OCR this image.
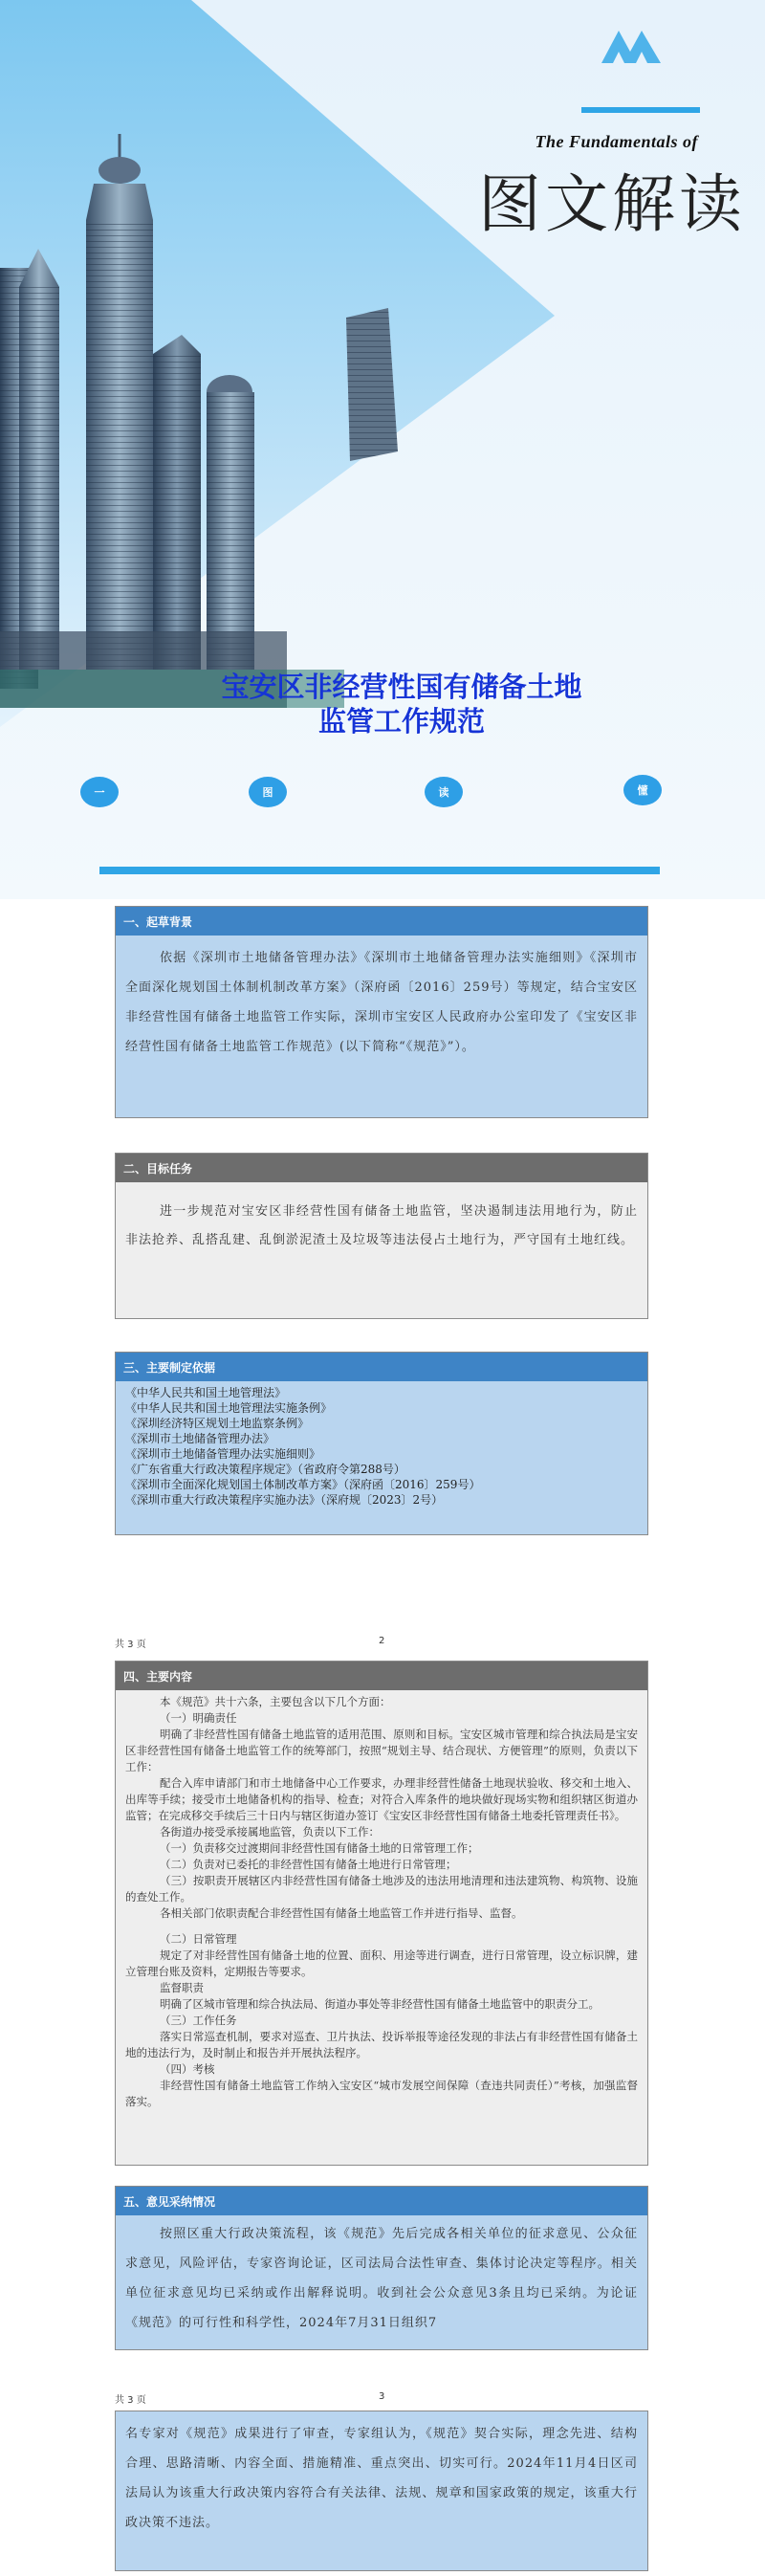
The Fundamentals of
图文解读
宝安区非经营性国有储备土地
监管工作规范
一	图	读	懂
一、起草背景
依据《深圳市土地储备管理办法》《深圳市土地储备管理办法实施细则》《深圳市全面深化规划国土体制机制改革方案》（深府函〔2016〕259号）等规定，结合宝安区非经营性国有储备土地监管工作实际，深圳市宝安区人民政府办公室印发了《宝安区非经营性国有储备土地监管工作规范》(以下简称“《规范》”）。
二、目标任务
进一步规范对宝安区非经营性国有储备土地监管，坚决遏制违法用地行为，防止非法抢养、乱搭乱建、乱倒淤泥渣土及垃圾等违法侵占土地行为，严守国有土地红线。
三、主要制定依据
《中华人民共和国土地管理法》
《中华人民共和国土地管理法实施条例》
《深圳经济特区规划土地监察条例》
《深圳市土地储备管理办法》
《深圳市土地储备管理办法实施细则》
《广东省重大行政决策程序规定》（省政府令第288号）
《深圳市全面深化规划国土体制改革方案》（深府函〔2016〕259号）
《深圳市重大行政决策程序实施办法》（深府规〔2023〕2号）
共 3 页	2
四、主要内容
本《规范》共十六条，主要包含以下几个方面：
（一）明确责任
明确了非经营性国有储备土地监管的适用范围、原则和目标。宝安区城市管理和综合执法局是宝安区非经营性国有储备土地监管工作的统筹部门，按照“规划主导、结合现状、方便管理”的原则，负责以下工作：
配合入库申请部门和市土地储备中心工作要求，办理非经营性储备土地现状验收、移交和土地入、出库等手续；接受市土地储备机构的指导、检查；对符合入库条件的地块做好现场实物和组织辖区街道办监管；在完成移交手续后三十日内与辖区街道办签订《宝安区非经营性国有储备土地委托管理责任书》。
各街道办接受承接属地监管，负责以下工作：
（一）负责移交过渡期间非经营性国有储备土地的日常管理工作；
（二）负责对已委托的非经营性国有储备土地进行日常管理；
（三）按职责开展辖区内非经营性国有储备土地涉及的违法用地清理和违法建筑物、构筑物、设施的查处工作。
各相关部门依职责配合非经营性国有储备土地监管工作并进行指导、监督。
（二）日常管理
规定了对非经营性国有储备土地的位置、面积、用途等进行调查，进行日常管理，设立标识牌，建立管理台账及资料，定期报告等要求。
监督职责
明确了区城市管理和综合执法局、街道办事处等非经营性国有储备土地监管中的职责分工。
（三）工作任务
落实日常巡查机制，要求对巡查、卫片执法、投诉举报等途径发现的非法占有非经营性国有储备土地的违法行为，及时制止和报告并开展执法程序。
（四）考核
非经营性国有储备土地监管工作纳入宝安区“城市发展空间保障（查违共同责任）”考核，加强监督落实。
五、意见采纳情况
按照区重大行政决策流程，该《规范》先后完成各相关单位的征求意见、公众征求意见，风险评估，专家咨询论证，区司法局合法性审查、集体讨论决定等程序。相关单位征求意见均已采纳或作出解释说明。收到社会公众意见3条且均已采纳。为论证《规范》的可行性和科学性，2024年7月31日组织7
共 3 页	3
名专家对《规范》成果进行了审查，专家组认为，《规范》契合实际，理念先进、结构合理、思路清晰、内容全面、措施精准、重点突出、切实可行。2024年11月4日区司法局认为该重大行政决策内容符合有关法律、法规、规章和国家政策的规定，该重大行政决策不违法。
